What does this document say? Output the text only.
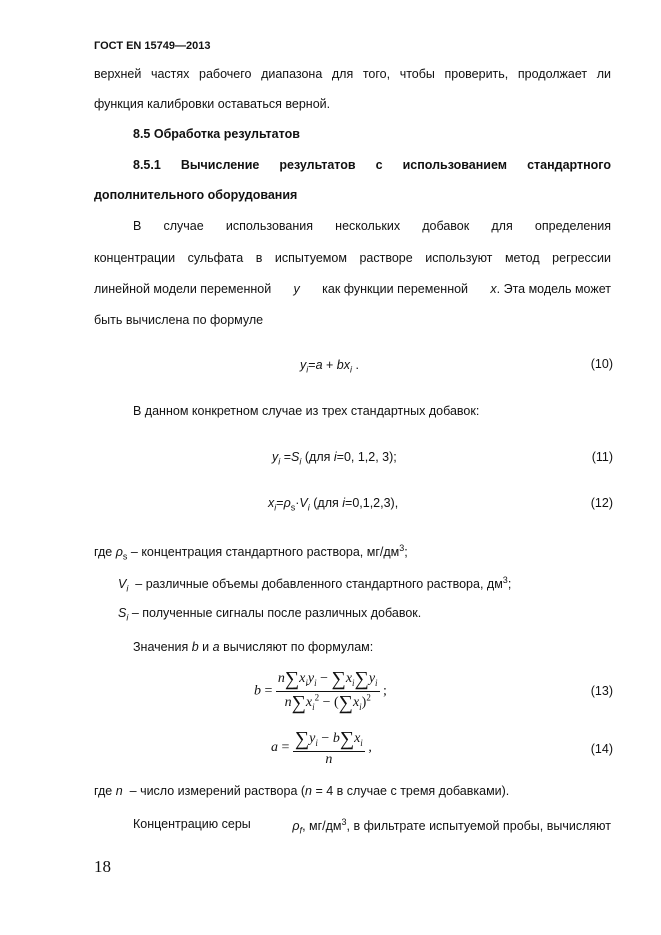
ГОСТ EN 15749—2013
верхней частях рабочего диапазона для того, чтобы проверить, продолжает ли
функция калибровки оставаться верной.
8.5 Обработка результатов
8.5.1 Вычисление результатов с использованием стандартного
дополнительного оборудования
В случае использования нескольких добавок для определения
концентрации сульфата в испытуемом растворе используют метод регрессии
линейной модели переменной y как функции переменной x. Эта модель может
быть вычислена по формуле
$y_i=a + bx_i$ .	(10)
В данном конкретном случае из трех стандартных добавок:
$y_i =S_i$ (для i=0, 1,2, 3);	(11)
$x_i=\rho_s\cdot V_i$ (для i=0,1,2,3),	(12)
где $\rho_s$ – концентрация стандартного раствора, $мг/дм^3$;
$V_i$ – различные объемы добавленного стандартного раствора, $дм^3$;
$S_i$ – полученные сигналы после различных добавок.
Значения b и a вычисляют по формулам:
$b = \frac{n\sum x_iy_i - \sum x_i\sum y_i}{n\sum x_i^2 - (\sum x_i)^2}$ ;	(13)
$a = \frac{\sum y_i - b\sum x_i}{n}$ ,	(14)
где n – число измерений раствора (n = 4 в случае с тремя добавками).
Концентрацию серы	$\rho_f$, $мг/дм^3$, в фильтрате испытуемой пробы, вычисляют
18
